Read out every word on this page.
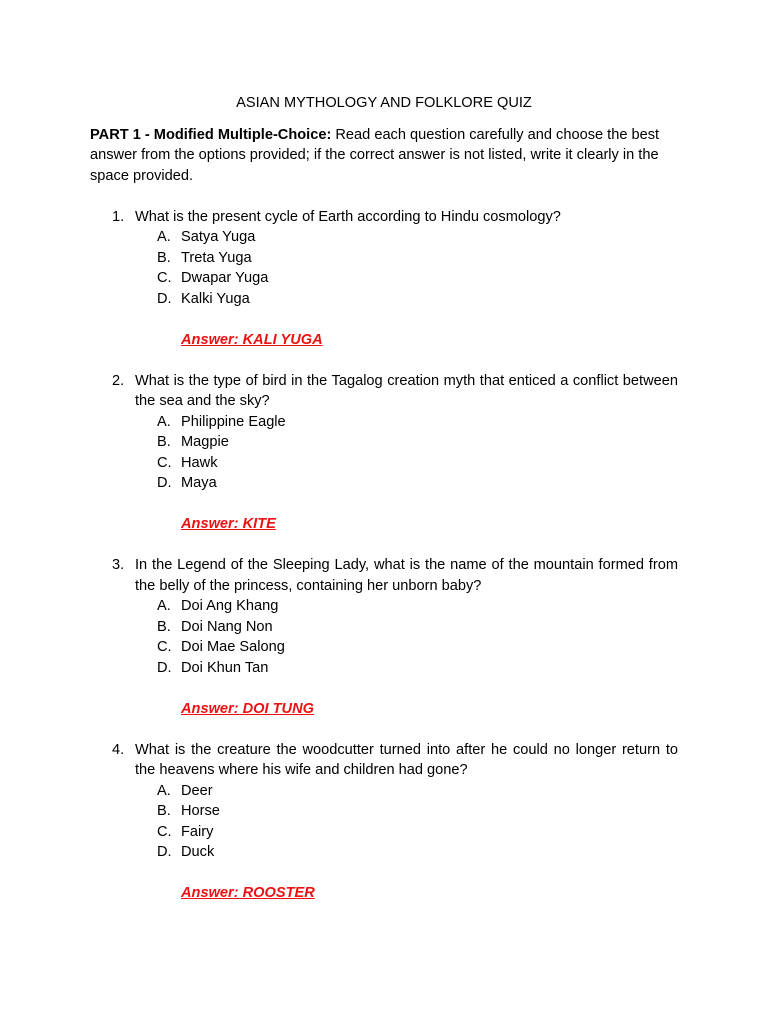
ASIAN MYTHOLOGY AND FOLKLORE QUIZ

PART 1 - Modified Multiple-Choice: Read each question carefully and choose the best answer from the options provided; if the correct answer is not listed, write it clearly in the space provided.

1. What is the present cycle of Earth according to Hindu cosmology?
A. Satya Yuga
B. Treta Yuga
C. Dwapar Yuga
D. Kalki Yuga
Answer: KALI YUGA
2. What is the type of bird in the Tagalog creation myth that enticed a conflict between the sea and the sky?
A. Philippine Eagle
B. Magpie
C. Hawk
D. Maya
Answer: KITE
3. In the Legend of the Sleeping Lady, what is the name of the mountain formed from the belly of the princess, containing her unborn baby?
A. Doi Ang Khang
B. Doi Nang Non
C. Doi Mae Salong
D. Doi Khun Tan
Answer: DOI TUNG
4. What is the creature the woodcutter turned into after he could no longer return to the heavens where his wife and children had gone?
A. Deer
B. Horse
C. Fairy
D. Duck
Answer: ROOSTER
